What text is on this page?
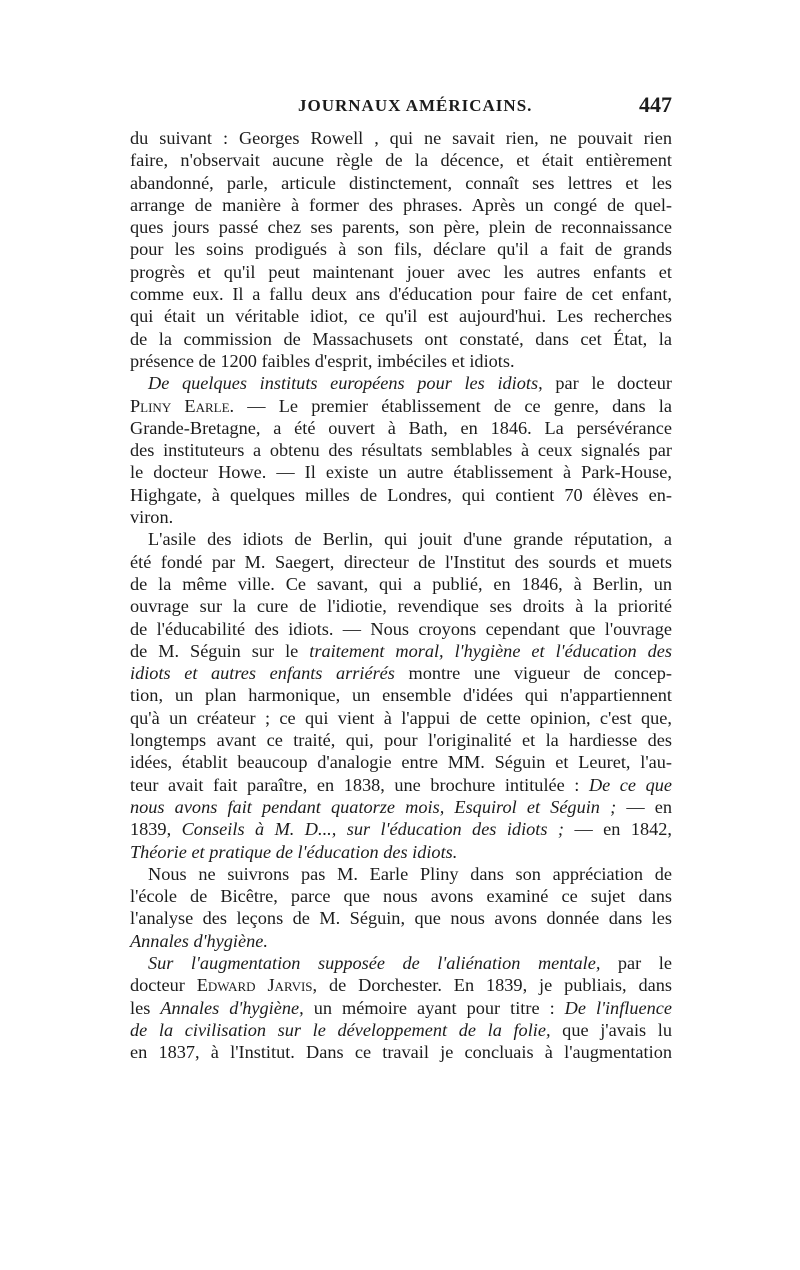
JOURNAUX AMÉRICAINS.	447

du suivant : Georges Rowell , qui ne savait rien, ne pouvait rien
faire, n'observait aucune règle de la décence, et était entièrement
abandonné, parle, articule distinctement, connaît ses lettres et les
arrange de manière à former des phrases. Après un congé de quel-
ques jours passé chez ses parents, son père, plein de reconnaissance
pour les soins prodigués à son fils, déclare qu'il a fait de grands
progrès et qu'il peut maintenant jouer avec les autres enfants et
comme eux. Il a fallu deux ans d'éducation pour faire de cet enfant,
qui était un véritable idiot, ce qu'il est aujourd'hui. Les recherches
de la commission de Massachusets ont constaté, dans cet État, la
présence de 1200 faibles d'esprit, imbéciles et idiots.

De quelques instituts européens pour les idiots, par le docteur
Pliny Earle. — Le premier établissement de ce genre, dans la
Grande-Bretagne, a été ouvert à Bath, en 1846. La persévérance
des instituteurs a obtenu des résultats semblables à ceux signalés par
le docteur Howe. — Il existe un autre établissement à Park-House,
Highgate, à quelques milles de Londres, qui contient 70 élèves en-
viron.

L'asile des idiots de Berlin, qui jouit d'une grande réputation, a
été fondé par M. Saegert, directeur de l'Institut des sourds et muets
de la même ville. Ce savant, qui a publié, en 1846, à Berlin, un
ouvrage sur la cure de l'idiotie, revendique ses droits à la priorité
de l'éducabilité des idiots. — Nous croyons cependant que l'ouvrage
de M. Séguin sur le traitement moral, l'hygiène et l'éducation des
idiots et autres enfants arriérés montre une vigueur de concep-
tion, un plan harmonique, un ensemble d'idées qui n'appartiennent
qu'à un créateur ; ce qui vient à l'appui de cette opinion, c'est que,
longtemps avant ce traité, qui, pour l'originalité et la hardiesse des
idées, établit beaucoup d'analogie entre MM. Séguin et Leuret, l'au-
teur avait fait paraître, en 1838, une brochure intitulée : De ce que
nous avons fait pendant quatorze mois, Esquirol et Séguin ; — en
1839, Conseils à M. D..., sur l'éducation des idiots ; — en 1842,
Théorie et pratique de l'éducation des idiots.

Nous ne suivrons pas M. Earle Pliny dans son appréciation de
l'école de Bicêtre, parce que nous avons examiné ce sujet dans
l'analyse des leçons de M. Séguin, que nous avons donnée dans les
Annales d'hygiène.

Sur l'augmentation supposée de l'aliénation mentale, par le
docteur Edward Jarvis, de Dorchester. En 1839, je publiais, dans
les Annales d'hygiène, un mémoire ayant pour titre : De l'influence
de la civilisation sur le développement de la folie, que j'avais lu
en 1837, à l'Institut. Dans ce travail je concluais à l'augmentation
